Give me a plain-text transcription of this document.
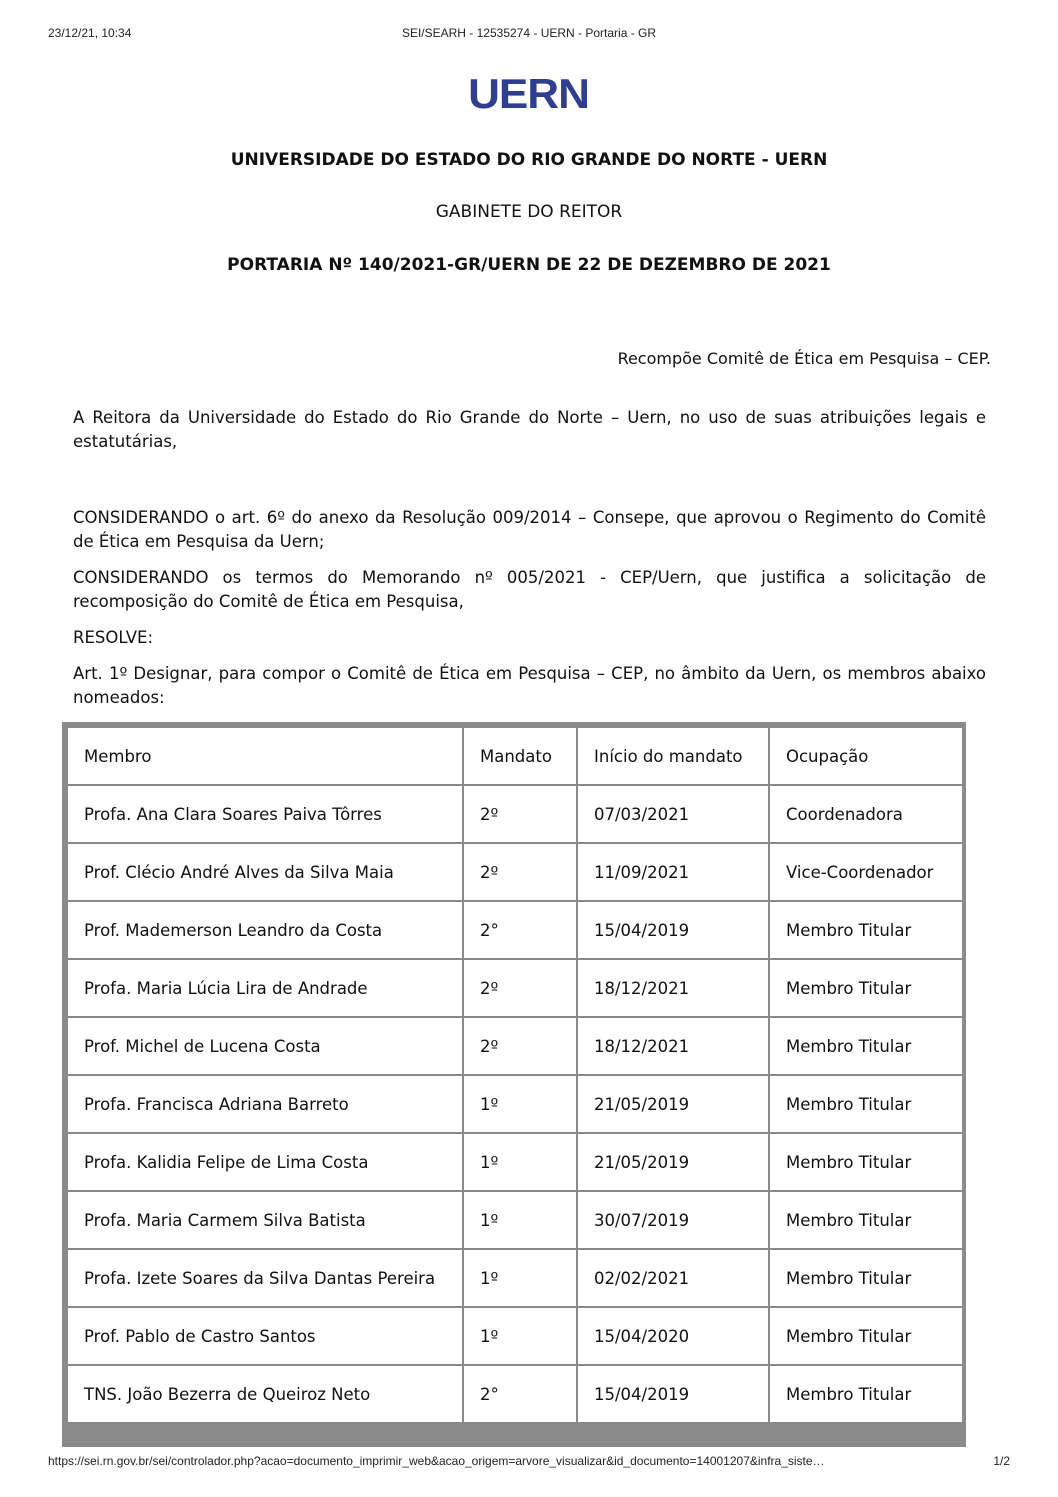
23/12/21, 10:34	SEI/SEARH - 12535274 - UERN - Portaria - GR
UERN
UNIVERSIDADE DO ESTADO DO RIO GRANDE DO NORTE - UERN
GABINETE DO REITOR
PORTARIA Nº 140/2021-GR/UERN DE 22 DE DEZEMBRO DE 2021
Recompõe Comitê de Ética em Pesquisa – CEP.
A Reitora da Universidade do Estado do Rio Grande do Norte – Uern, no uso de suas atribuições legais e estatutárias,
CONSIDERANDO o art. 6º do anexo da Resolução 009/2014 – Consepe, que aprovou o Regimento do Comitê de Ética em Pesquisa da Uern;
CONSIDERANDO os termos do Memorando nº 005/2021 - CEP/Uern, que justifica a solicitação de recomposição do Comitê de Ética em Pesquisa,
RESOLVE:
Art. 1º Designar, para compor o Comitê de Ética em Pesquisa – CEP, no âmbito da Uern, os membros abaixo nomeados:
Membro	Mandato	Início do mandato	Ocupação
Profa. Ana Clara Soares Paiva Tôrres	2º	07/03/2021	Coordenadora
Prof. Clécio André Alves da Silva Maia	2º	11/09/2021	Vice-Coordenador
Prof. Mademerson Leandro da Costa	2°	15/04/2019	Membro Titular
Profa. Maria Lúcia Lira de Andrade	2º	18/12/2021	Membro Titular
Prof. Michel de Lucena Costa	2º	18/12/2021	Membro Titular
Profa. Francisca Adriana Barreto	1º	21/05/2019	Membro Titular
Profa. Kalidia Felipe de Lima Costa	1º	21/05/2019	Membro Titular
Profa. Maria Carmem Silva Batista	1º	30/07/2019	Membro Titular
Profa. Izete Soares da Silva Dantas Pereira	1º	02/02/2021	Membro Titular
Prof. Pablo de Castro Santos	1º	15/04/2020	Membro Titular
TNS. João Bezerra de Queiroz Neto	2°	15/04/2019	Membro Titular
https://sei.rn.gov.br/sei/controlador.php?acao=documento_imprimir_web&acao_origem=arvore_visualizar&id_documento=14001207&infra_siste…	1/2
